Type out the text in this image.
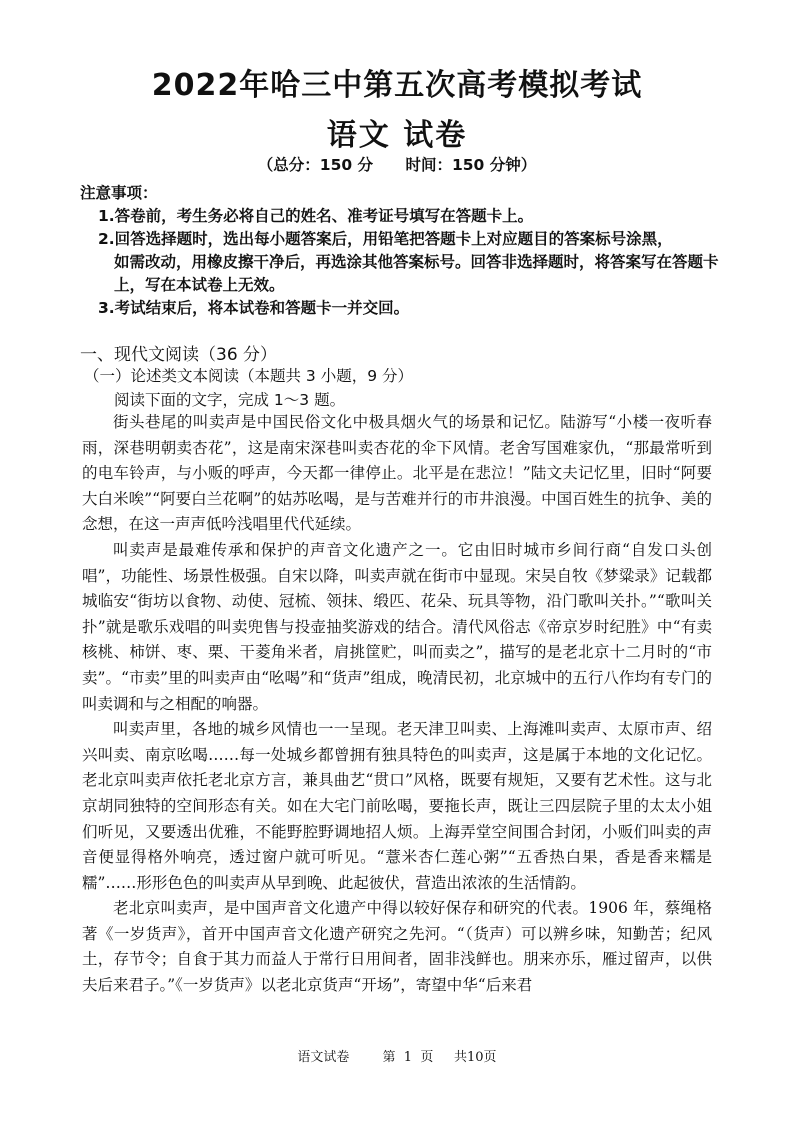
2022年哈三中第五次高考模拟考试
语文 试卷
（总分：150 分 时间：150 分钟）
注意事项：
1.答卷前，考生务必将自己的姓名、准考证号填写在答题卡上。
2.回答选择题时，选出每小题答案后，用铅笔把答题卡上对应题目的答案标号涂黑，
如需改动，用橡皮擦干净后，再选涂其他答案标号。回答非选择题时，将答案写在答题卡上，写在本试卷上无效。
3.考试结束后，将本试卷和答题卡一并交回。
一、现代文阅读（36 分）
（一）论述类文本阅读（本题共 3 小题，9 分）
阅读下面的文字，完成 1～3 题。

街头巷尾的叫卖声是中国民俗文化中极具烟火气的场景和记忆。陆游写“小楼一夜听春雨，深巷明朝卖杏花”，这是南宋深巷叫卖杏花的伞下风情。老舍写国难家仇，“那最常听到的电车铃声，与小贩的呼声，今天都一律停止。北平是在悲泣！”陆文夫记忆里，旧时“阿要大白米唉”“阿要白兰花啊”的姑苏吆喝，是与苦难并行的市井浪漫。中国百姓生的抗争、美的念想，在这一声声低吟浅唱里代代延续。

叫卖声是最难传承和保护的声音文化遗产之一。它由旧时城市乡间行商“自发口头创唱”，功能性、场景性极强。自宋以降，叫卖声就在街市中显现。宋吴自牧《梦粱录》记载都城临安“街坊以食物、动使、冠梳、领抹、缎匹、花朵、玩具等物，沿门歌叫关扑。”“歌叫关扑”就是歌乐戏唱的叫卖兜售与投壶抽奖游戏的结合。清代风俗志《帝京岁时纪胜》中“有卖核桃、柿饼、枣、栗、干菱角米者，肩挑筐贮，叫而卖之”，描写的是老北京十二月时的“市卖”。“市卖”里的叫卖声由“吆喝”和“货声”组成，晚清民初，北京城中的五行八作均有专门的叫卖调和与之相配的响器。

叫卖声里，各地的城乡风情也一一呈现。老天津卫叫卖、上海滩叫卖声、太原市声、绍兴叫卖、南京吆喝……每一处城乡都曾拥有独具特色的叫卖声，这是属于本地的文化记忆。老北京叫卖声依托老北京方言，兼具曲艺“贯口”风格，既要有规矩，又要有艺术性。这与北京胡同独特的空间形态有关。如在大宅门前吆喝，要拖长声，既让三四层院子里的太太小姐们听见，又要透出优雅，不能野腔野调地招人烦。上海弄堂空间围合封闭，小贩们叫卖的声音便显得格外响亮，透过窗户就可听见。“薏米杏仁莲心粥”“五香热白果，香是香来糯是糯”……形形色色的叫卖声从早到晚、此起彼伏，营造出浓浓的生活情韵。

老北京叫卖声，是中国声音文化遗产中得以较好保存和研究的代表。1906 年，蔡绳格著《一岁货声》，首开中国声音文化遗产研究之先河。“（货声）可以辨乡味，知勤苦；纪风土，存节令；自食于其力而益人于常行日用间者，固非浅鲜也。朋来亦乐，雁过留声，以供夫后来君子。”《一岁货声》以老北京货声“开场”，寄望中华“后来君

语文试卷	第 1 页 共10页
